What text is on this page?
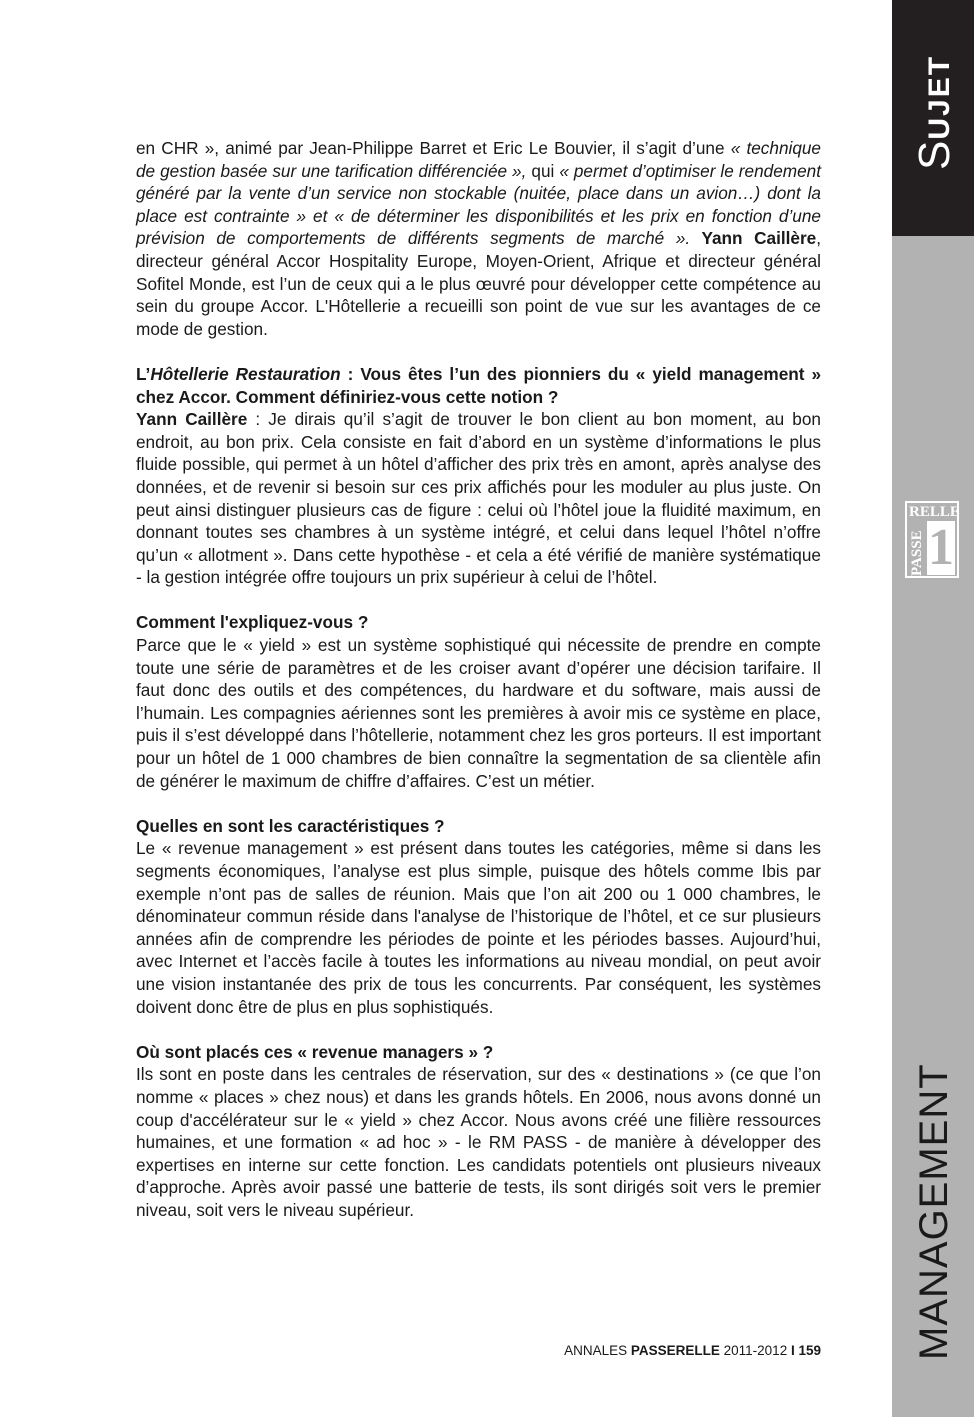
SUJET
RELLE
PASSE 1
MANAGEMENT

en CHR », animé par Jean-Philippe Barret et Eric Le Bouvier, il s’agit d’une « technique de gestion basée sur une tarification différenciée », qui « permet d’optimiser le rendement généré par la vente d’un service non stockable (nuitée, place dans un avion…) dont la place est contrainte » et « de déterminer les disponibilités et les prix en fonction d’une prévision de comportements de différents segments de marché ». Yann Caillère, directeur général Accor Hospitality Europe, Moyen-Orient, Afrique et directeur général Sofitel Monde, est l’un de ceux qui a le plus œuvré pour développer cette compétence au sein du groupe Accor. L'Hôtellerie a recueilli son point de vue sur les avantages de ce mode de gestion.

L’Hôtellerie Restauration : Vous êtes l’un des pionniers du « yield management » chez Accor. Comment définiriez-vous cette notion ?
Yann Caillère : Je dirais qu’il s’agit de trouver le bon client au bon moment, au bon endroit, au bon prix. Cela consiste en fait d’abord en un système d’informations le plus fluide possible, qui permet à un hôtel d’afficher des prix très en amont, après analyse des données, et de revenir si besoin sur ces prix affichés pour les moduler au plus juste. On peut ainsi distinguer plusieurs cas de figure : celui où l’hôtel joue la fluidité maximum, en donnant toutes ses chambres à un système intégré, et celui dans lequel l’hôtel n’offre qu’un « allotment ». Dans cette hypothèse - et cela a été vérifié de manière systématique - la gestion intégrée offre toujours un prix supérieur à celui de l’hôtel.

Comment l'expliquez-vous ?
Parce que le « yield » est un système sophistiqué qui nécessite de prendre en compte toute une série de paramètres et de les croiser avant d’opérer une décision tarifaire. Il faut donc des outils et des compétences, du hardware et du software, mais aussi de l’humain. Les compagnies aériennes sont les premières à avoir mis ce système en place, puis il s’est développé dans l’hôtellerie, notamment chez les gros porteurs. Il est important pour un hôtel de 1 000 chambres de bien connaître la segmentation de sa clientèle afin de générer le maximum de chiffre d’affaires. C’est un métier.

Quelles en sont les caractéristiques ?
Le « revenue management » est présent dans toutes les catégories, même si dans les segments économiques, l’analyse est plus simple, puisque des hôtels comme Ibis par exemple n’ont pas de salles de réunion. Mais que l’on ait 200 ou 1 000 chambres, le dénominateur commun réside dans l'analyse de l’historique de l’hôtel, et ce sur plusieurs années afin de comprendre les périodes de pointe et les périodes basses. Aujourd’hui, avec Internet et l’accès facile à toutes les informations au niveau mondial, on peut avoir une vision instantanée des prix de tous les concurrents. Par conséquent, les systèmes doivent donc être de plus en plus sophistiqués.

Où sont placés ces « revenue managers » ?
Ils sont en poste dans les centrales de réservation, sur des « destinations » (ce que l’on nomme « places » chez nous) et dans les grands hôtels. En 2006, nous avons donné un coup d'accélérateur sur le « yield » chez Accor. Nous avons créé une filière ressources humaines, et une formation « ad hoc » - le RM PASS - de manière à développer des expertises en interne sur cette fonction. Les candidats potentiels ont plusieurs niveaux d’approche. Après avoir passé une batterie de tests, ils sont dirigés soit vers le premier niveau, soit vers le niveau supérieur.

ANNALES PASSERELLE 2011-2012 I 159
